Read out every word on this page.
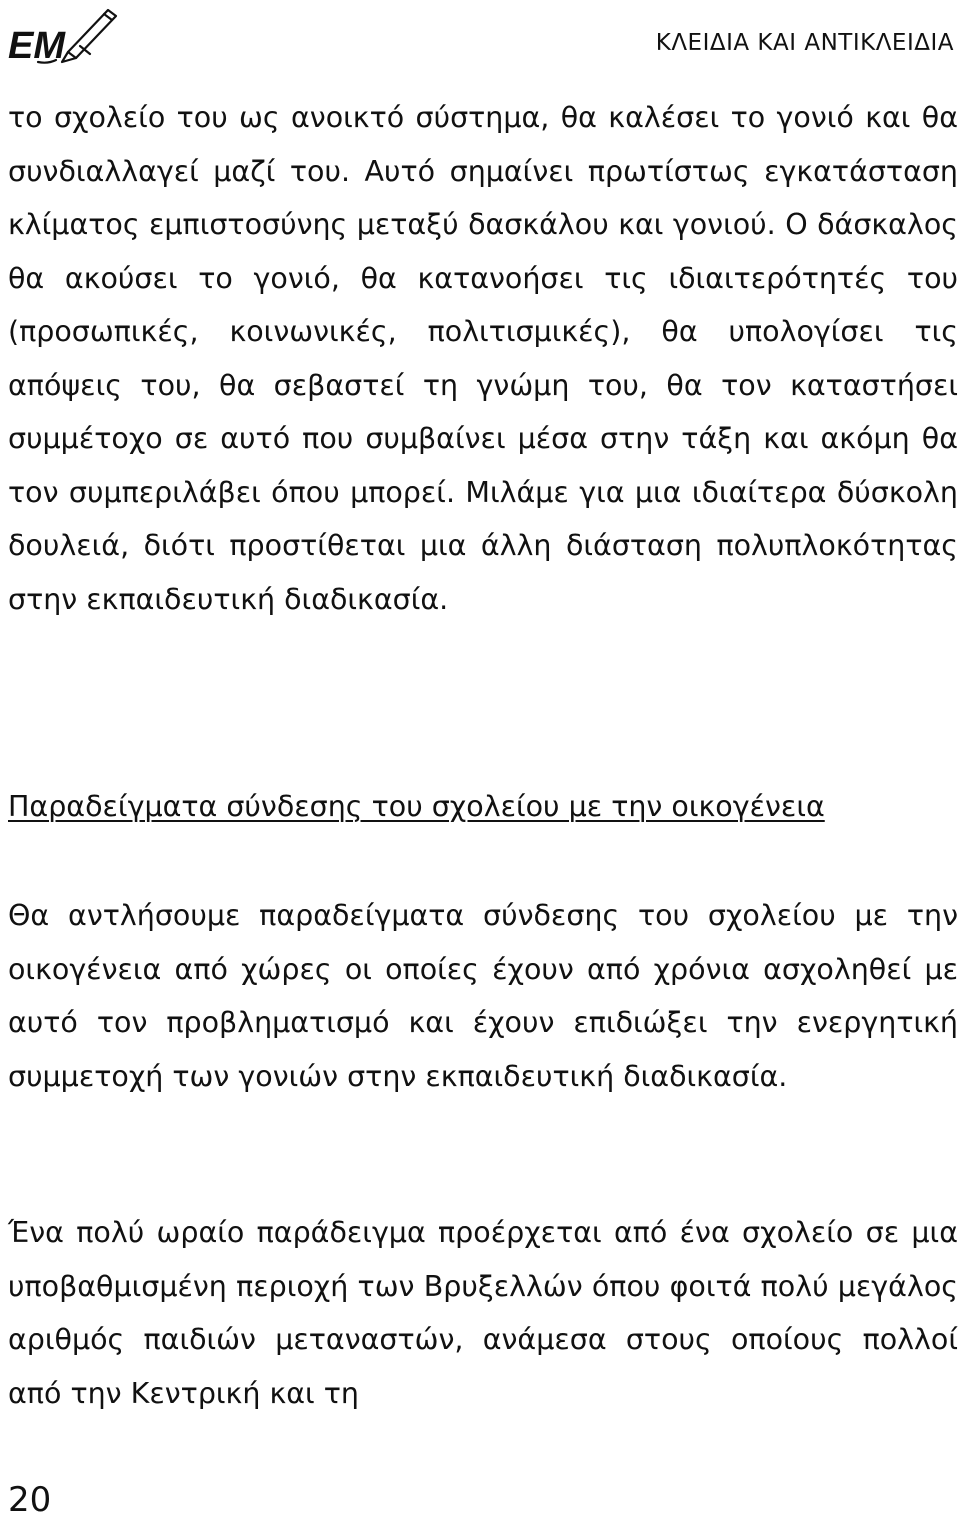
EM	ΚΛΕΙΔΙΑ ΚΑΙ ΑΝΤΙΚΛΕΙΔΙΑ

το σχολείο του ως ανοικτό σύστημα, θα καλέσει το γονιό και θα συνδιαλλαγεί μαζί του. Αυτό σημαίνει πρωτίστως εγκατάσταση κλίματος εμπιστοσύνης μεταξύ δασκάλου και γονιού. Ο δάσκαλος θα ακούσει το γονιό, θα κατανοήσει τις ιδιαιτερότητές του (προσωπικές, κοινωνικές, πολιτισμικές), θα υπολογίσει τις απόψεις του, θα σεβαστεί τη γνώμη του, θα τον καταστήσει συμμέτοχο σε αυτό που συμβαίνει μέσα στην τάξη και ακόμη θα τον συμπεριλάβει όπου μπορεί. Μιλάμε για μια ιδιαίτερα δύσκολη δουλειά, διότι προστίθεται μια άλλη διάσταση πολυπλοκότητας στην εκπαιδευτική διαδικασία.

Παραδείγματα σύνδεσης του σχολείου με την οικογένεια

Θα αντλήσουμε παραδείγματα σύνδεσης του σχολείου με την οικογένεια από χώρες οι οποίες έχουν από χρόνια ασχοληθεί με αυτό τον προβληματισμό και έχουν επιδιώξει την ενεργητική συμμετοχή των γονιών στην εκπαιδευτική διαδικασία.

Ένα πολύ ωραίο παράδειγμα προέρχεται από ένα σχολείο σε μια υποβαθμισμένη περιοχή των Βρυξελλών όπου φοιτά πολύ μεγάλος αριθμός παιδιών μεταναστών, ανάμεσα στους οποίους πολλοί από την Κεντρική και τη

20
